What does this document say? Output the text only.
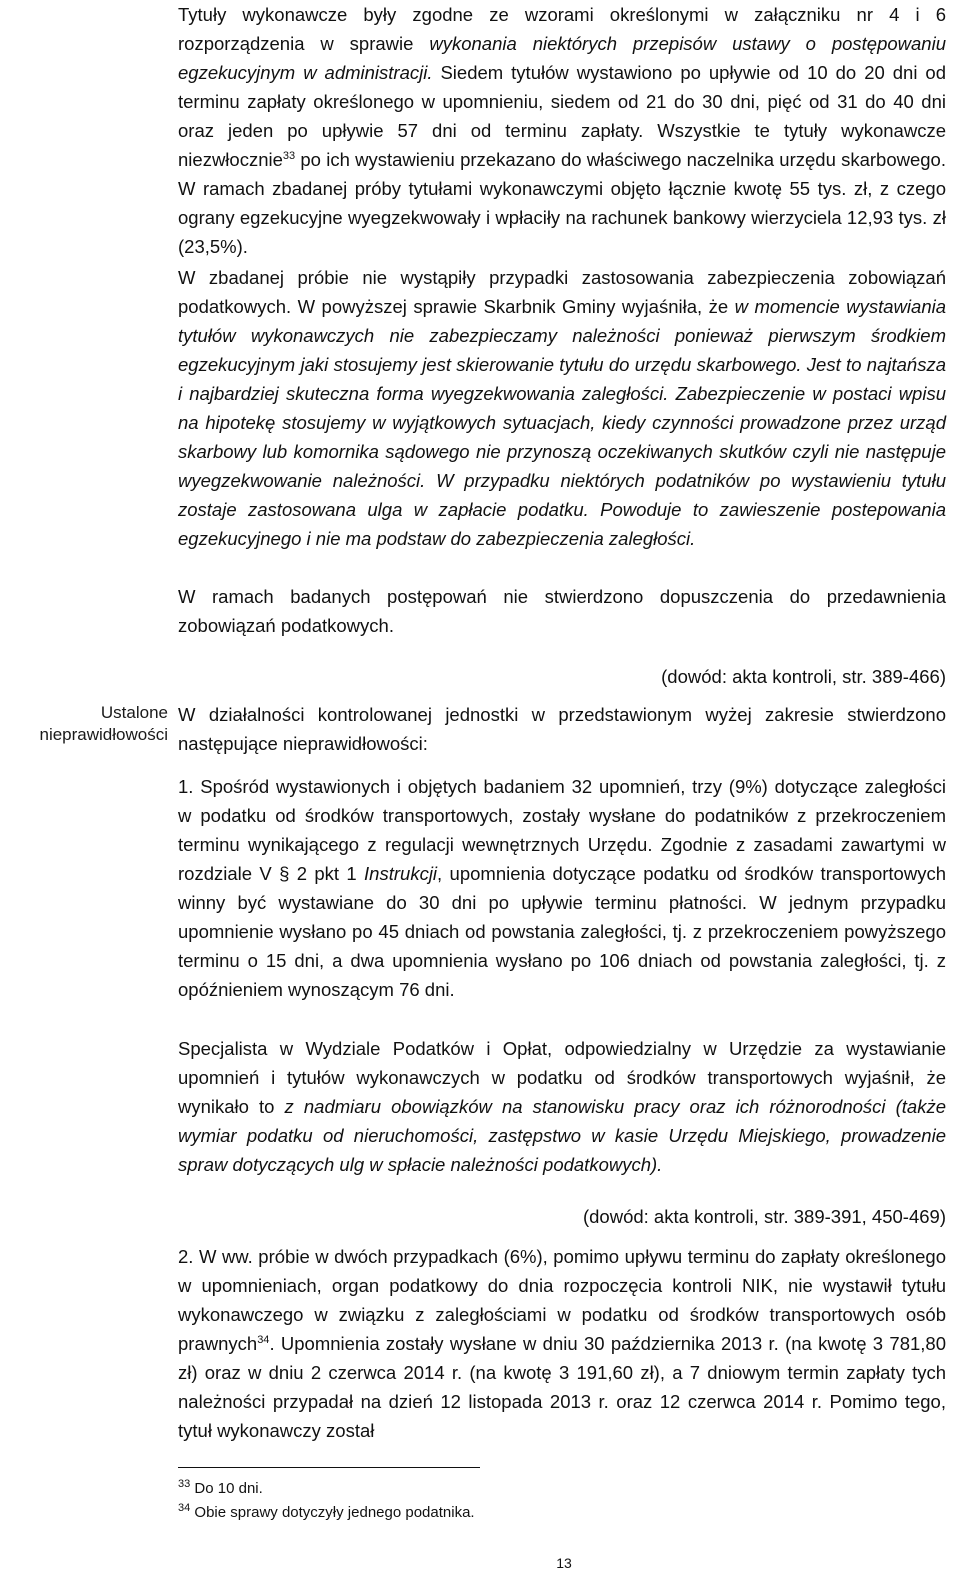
Tytuły wykonawcze były zgodne ze wzorami określonymi w załączniku nr 4 i 6 rozporządzenia w sprawie wykonania niektórych przepisów ustawy o postępowaniu egzekucyjnym w administracji. Siedem tytułów wystawiono po upływie od 10 do 20 dni od terminu zapłaty określonego w upomnieniu, siedem od 21 do 30 dni, pięć od 31 do 40 dni oraz jeden po upływie 57 dni od terminu zapłaty. Wszystkie te tytuły wykonawcze niezwłocznie$^{33}$ po ich wystawieniu przekazano do właściwego naczelnika urzędu skarbowego. W ramach zbadanej próby tytułami wykonawczymi objęto łącznie kwotę 55 tys. zł, z czego ograny egzekucyjne wyegzekwowały i wpłaciły na rachunek bankowy wierzyciela 12,93 tys. zł (23,5%).

W zbadanej próbie nie wystąpiły przypadki zastosowania zabezpieczenia zobowiązań podatkowych. W powyższej sprawie Skarbnik Gminy wyjaśniła, że w momencie wystawiania tytułów wykonawczych nie zabezpieczamy należności ponieważ pierwszym środkiem egzekucyjnym jaki stosujemy jest skierowanie tytułu do urzędu skarbowego. Jest to najtańsza i najbardziej skuteczna forma wyegzekwowania zaległości. Zabezpieczenie w postaci wpisu na hipotekę stosujemy w wyjątkowych sytuacjach, kiedy czynności prowadzone przez urząd skarbowy lub komornika sądowego nie przynoszą oczekiwanych skutków czyli nie następuje wyegzekwowanie należności. W przypadku niektórych podatników po wystawieniu tytułu zostaje zastosowana ulga w zapłacie podatku. Powoduje to zawieszenie postepowania egzekucyjnego i nie ma podstaw do zabezpieczenia zaległości.

W ramach badanych postępowań nie stwierdzono dopuszczenia do przedawnienia zobowiązań podatkowych.

(dowód: akta kontroli, str. 389-466)
Ustalone
nieprawidłowości

W działalności kontrolowanej jednostki w przedstawionym wyżej zakresie stwierdzono następujące nieprawidłowości:

1. Spośród wystawionych i objętych badaniem 32 upomnień, trzy (9%) dotyczące zaległości w podatku od środków transportowych, zostały wysłane do podatników z przekroczeniem terminu wynikającego z regulacji wewnętrznych Urzędu. Zgodnie z zasadami zawartymi w rozdziale V § 2 pkt 1 Instrukcji, upomnienia dotyczące podatku od środków transportowych winny być wystawiane do 30 dni po upływie terminu płatności. W jednym przypadku upomnienie wysłano po 45 dniach od powstania zaległości, tj. z przekroczeniem powyższego terminu o 15 dni, a dwa upomnienia wysłano po 106 dniach od powstania zaległości, tj. z opóźnieniem wynoszącym 76 dni.

Specjalista w Wydziale Podatków i Opłat, odpowiedzialny w Urzędzie za wystawianie upomnień i tytułów wykonawczych w podatku od środków transportowych wyjaśnił, że wynikało to z nadmiaru obowiązków na stanowisku pracy oraz ich różnorodności (także wymiar podatku od nieruchomości, zastępstwo w kasie Urzędu Miejskiego, prowadzenie spraw dotyczących ulg w spłacie należności podatkowych).

(dowód: akta kontroli, str. 389-391, 450-469)

2. W ww. próbie w dwóch przypadkach (6%), pomimo upływu terminu do zapłaty określonego w upomnieniach, organ podatkowy do dnia rozpoczęcia kontroli NIK, nie wystawił tytułu wykonawczego w związku z zaległościami w podatku od środków transportowych osób prawnych$^{34}$. Upomnienia zostały wysłane w dniu 30 października 2013 r. (na kwotę 3 781,80 zł) oraz w dniu 2 czerwca 2014 r. (na kwotę 3 191,60 zł), a 7 dniowym termin zapłaty tych należności przypadał na dzień 12 listopada 2013 r. oraz 12 czerwca 2014 r. Pomimo tego, tytuł wykonawczy został

$^{33}$ Do 10 dni.
$^{34}$ Obie sprawy dotyczyły jednego podatnika.
13
